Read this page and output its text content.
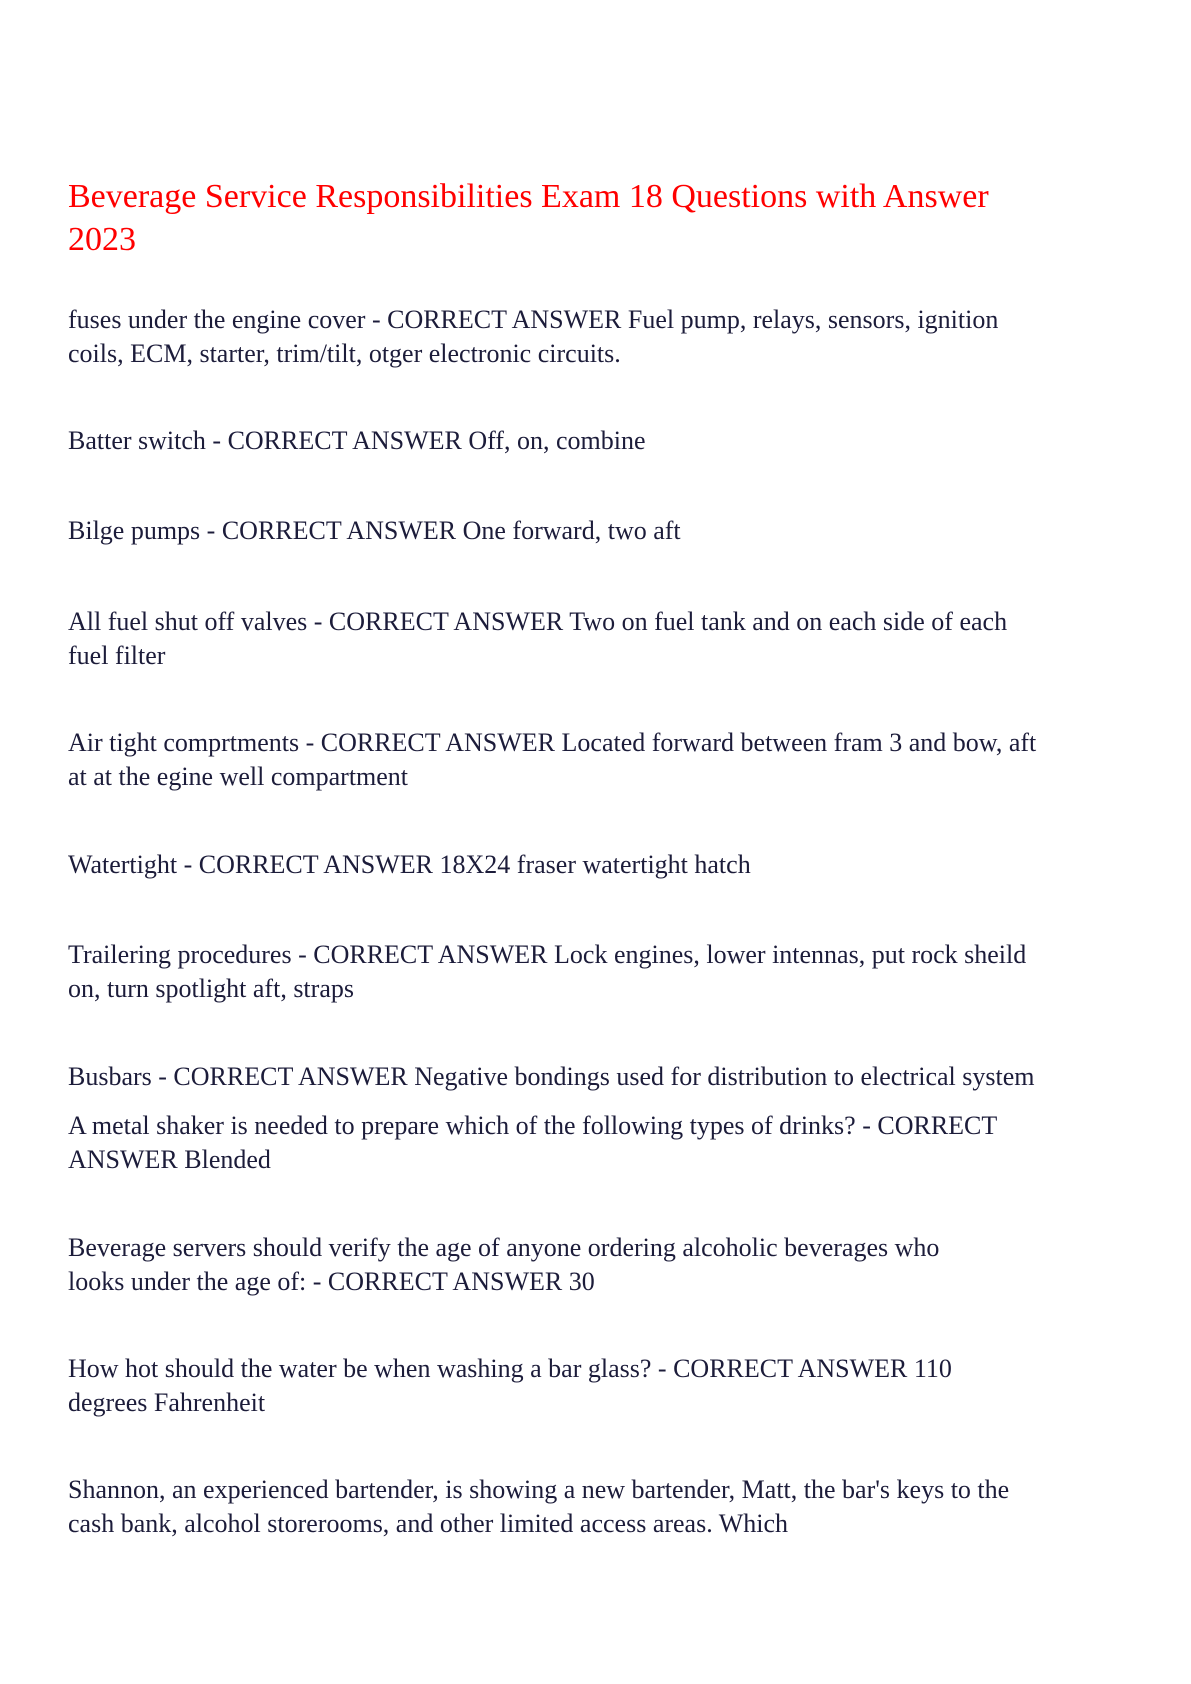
Beverage Service Responsibilities Exam 18 Questions with Answer
2023

fuses under the engine cover - CORRECT ANSWER Fuel pump, relays, sensors, ignition
coils, ECM, starter, trim/tilt, otger electronic circuits.

Batter switch - CORRECT ANSWER Off, on, combine

Bilge pumps - CORRECT ANSWER One forward, two aft

All fuel shut off valves - CORRECT ANSWER Two on fuel tank and on each side of each
fuel filter

Air tight comprtments - CORRECT ANSWER Located forward between fram 3 and bow, aft
at at the egine well compartment

Watertight - CORRECT ANSWER 18X24 fraser watertight hatch

Trailering procedures - CORRECT ANSWER Lock engines, lower intennas, put rock sheild
on, turn spotlight aft, straps

Busbars - CORRECT ANSWER Negative bondings used for distribution to electrical system

A metal shaker is needed to prepare which of the following types of drinks? - CORRECT
ANSWER Blended

Beverage servers should verify the age of anyone ordering alcoholic beverages who
looks under the age of: - CORRECT ANSWER 30

How hot should the water be when washing a bar glass? - CORRECT ANSWER 110
degrees Fahrenheit

Shannon, an experienced bartender, is showing a new bartender, Matt, the bar's keys to the
cash bank, alcohol storerooms, and other limited access areas. Which
